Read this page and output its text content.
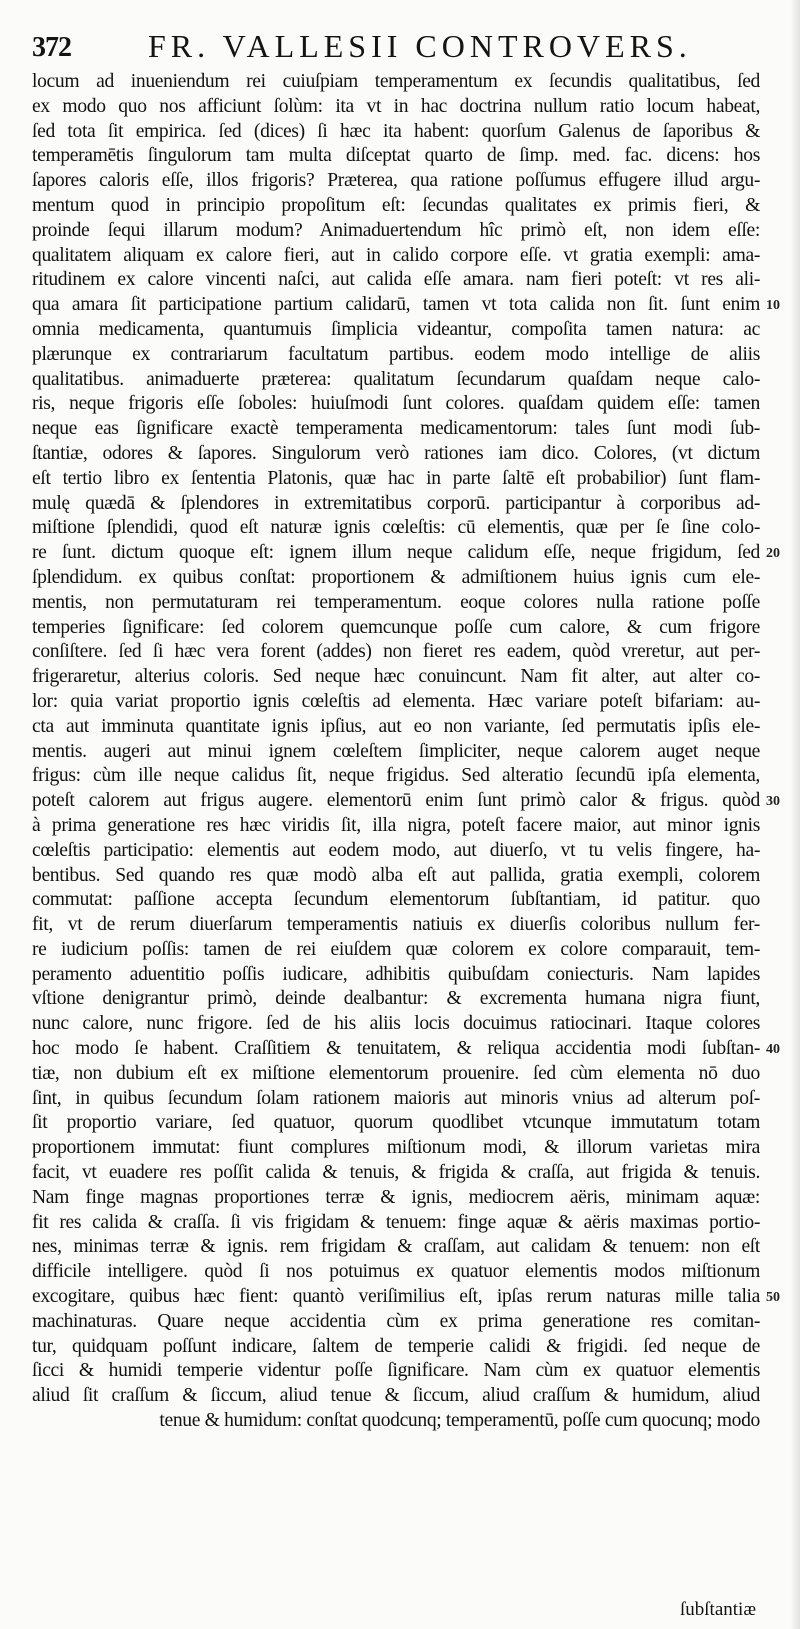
372 FR. VALLESII CONTROVERS.
locum ad inueniendum rei cuiuſpiam temperamentum ex ſecundis qualitatibus, ſed
ex modo quo nos afficiunt ſolùm: ita vt in hac doctrina nullum ratio locum habeat,
ſed tota ſit empirica. ſed (dices) ſi hæc ita habent: quorſum Galenus de ſaporibus &
temperamētis ſingulorum tam multa diſceptat quarto de ſimp. med. fac. dicens: hos
ſapores caloris eſſe, illos frigoris? Præterea, qua ratione poſſumus effugere illud argu-
mentum quod in principio propoſitum eſt: ſecundas qualitates ex primis fieri, &
proinde ſequi illarum modum? Animaduertendum hîc primò eſt, non idem eſſe:
qualitatem aliquam ex calore fieri, aut in calido corpore eſſe. vt gratia exempli: ama-
ritudinem ex calore vincenti naſci, aut calida eſſe amara. nam fieri poteſt: vt res ali-
qua amara ſit participatione partium calidarū, tamen vt tota calida non ſit. ſunt enim
omnia medicamenta, quantumuis ſimplicia videantur, compoſita tamen natura: ac
plærunque ex contrariarum facultatum partibus. eodem modo intellige de aliis
qualitatibus. animaduerte præterea: qualitatum ſecundarum quaſdam neque calo-
ris, neque frigoris eſſe ſoboles: huiuſmodi ſunt colores. quaſdam quidem eſſe: tamen
neque eas ſignificare exactè temperamenta medicamentorum: tales ſunt modi ſub-
ſtantiæ, odores & ſapores. Singulorum verò rationes iam dico. Colores, (vt dictum
eſt tertio libro ex ſententia Platonis, quæ hac in parte ſaltē eſt probabilior) ſunt flam-
mulę quædā & ſplendores in extremitatibus corporū. participantur à corporibus ad-
miſtione ſplendidi, quod eſt naturæ ignis cœleſtis: cū elementis, quæ per ſe ſine colo-
re ſunt. dictum quoque eſt: ignem illum neque calidum eſſe, neque frigidum, ſed
ſplendidum. ex quibus conſtat: proportionem & admiſtionem huius ignis cum ele-
mentis, non permutaturam rei temperamentum. eoque colores nulla ratione poſſe
temperies ſignificare: ſed colorem quemcunque poſſe cum calore, & cum frigore
conſiſtere. ſed ſi hæc vera forent (addes) non fieret res eadem, quòd vreretur, aut per-
frigeraretur, alterius coloris. Sed neque hæc conuincunt. Nam fit alter, aut alter co-
lor: quia variat proportio ignis cœleſtis ad elementa. Hæc variare poteſt bifariam: au-
cta aut imminuta quantitate ignis ipſius, aut eo non variante, ſed permutatis ipſis ele-
mentis. augeri aut minui ignem cœleſtem ſimpliciter, neque calorem auget neque
frigus: cùm ille neque calidus ſit, neque frigidus. Sed alteratio ſecundū ipſa elementa,
poteſt calorem aut frigus augere. elementorū enim ſunt primò calor & frigus. quòd
à prima generatione res hæc viridis ſit, illa nigra, poteſt facere maior, aut minor ignis
cœleſtis participatio: elementis aut eodem modo, aut diuerſo, vt tu velis fingere, ha-
bentibus. Sed quando res quæ modò alba eſt aut pallida, gratia exempli, colorem
commutat: paſſione accepta ſecundum elementorum ſubſtantiam, id patitur. quo
fit, vt de rerum diuerſarum temperamentis natiuis ex diuerſis coloribus nullum fer-
re iudicium poſſis: tamen de rei eiuſdem quæ colorem ex colore comparauit, tem-
peramento aduentitio poſſis iudicare, adhibitis quibuſdam coniecturis. Nam lapides
vſtione denigrantur primò, deinde dealbantur: & excrementa humana nigra fiunt,
nunc calore, nunc frigore. ſed de his aliis locis docuimus ratiocinari. Itaque colores
hoc modo ſe habent. Craſſitiem & tenuitatem, & reliqua accidentia modi ſubſtan-
tiæ, non dubium eſt ex miſtione elementorum prouenire. ſed cùm elementa nō duo
ſint, in quibus ſecundum ſolam rationem maioris aut minoris vnius ad alterum poſ-
ſit proportio variare, ſed quatuor, quorum quodlibet vtcunque immutatum totam
proportionem immutat: fiunt complures miſtionum modi, & illorum varietas mira
facit, vt euadere res poſſit calida & tenuis, & frigida & craſſa, aut frigida & tenuis.
Nam finge magnas proportiones terræ & ignis, mediocrem aëris, minimam aquæ:
fit res calida & craſſa. ſi vis frigidam & tenuem: finge aquæ & aëris maximas portio-
nes, minimas terræ & ignis. rem frigidam & craſſam, aut calidam & tenuem: non eſt
difficile intelligere. quòd ſi nos potuimus ex quatuor elementis modos miſtionum
excogitare, quibus hæc fient: quantò veriſimilius eſt, ipſas rerum naturas mille talia
machinaturas. Quare neque accidentia cùm ex prima generatione res comitan-
tur, quidquam poſſunt indicare, ſaltem de temperie calidi & frigidi. ſed neque de
ſicci & humidi temperie videntur poſſe ſignificare. Nam cùm ex quatuor elementis
aliud ſit craſſum & ſiccum, aliud tenue & ſiccum, aliud craſſum & humidum, aliud
tenue & humidum: conſtat quodcunq; temperamentū, poſſe cum quocunq; modo
10
20
30
40
50
ſubſtantiæ
